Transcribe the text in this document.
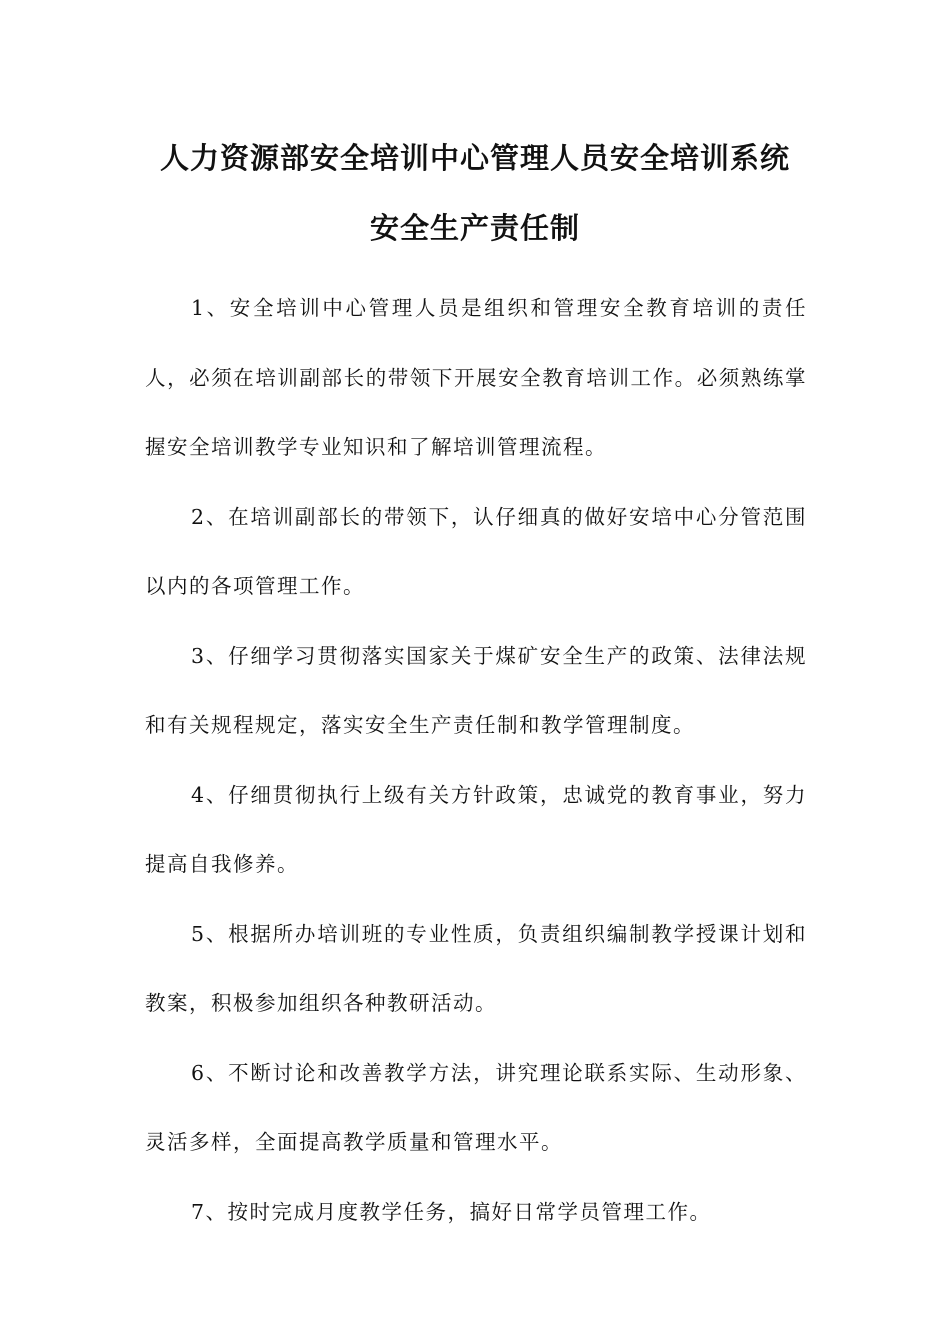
人力资源部安全培训中心管理人员安全培训系统
安全生产责任制

1、安全培训中心管理人员是组织和管理安全教育培训的责任人，必须在培训副部长的带领下开展安全教育培训工作。必须熟练掌握安全培训教学专业知识和了解培训管理流程。

2、在培训副部长的带领下，认仔细真的做好安培中心分管范围以内的各项管理工作。

3、仔细学习贯彻落实国家关于煤矿安全生产的政策、法律法规和有关规程规定，落实安全生产责任制和教学管理制度。

4、仔细贯彻执行上级有关方针政策，忠诚党的教育事业，努力提高自我修养。

5、根据所办培训班的专业性质，负责组织编制教学授课计划和教案，积极参加组织各种教研活动。

6、不断讨论和改善教学方法，讲究理论联系实际、生动形象、灵活多样，全面提高教学质量和管理水平。

7、按时完成月度教学任务，搞好日常学员管理工作。
